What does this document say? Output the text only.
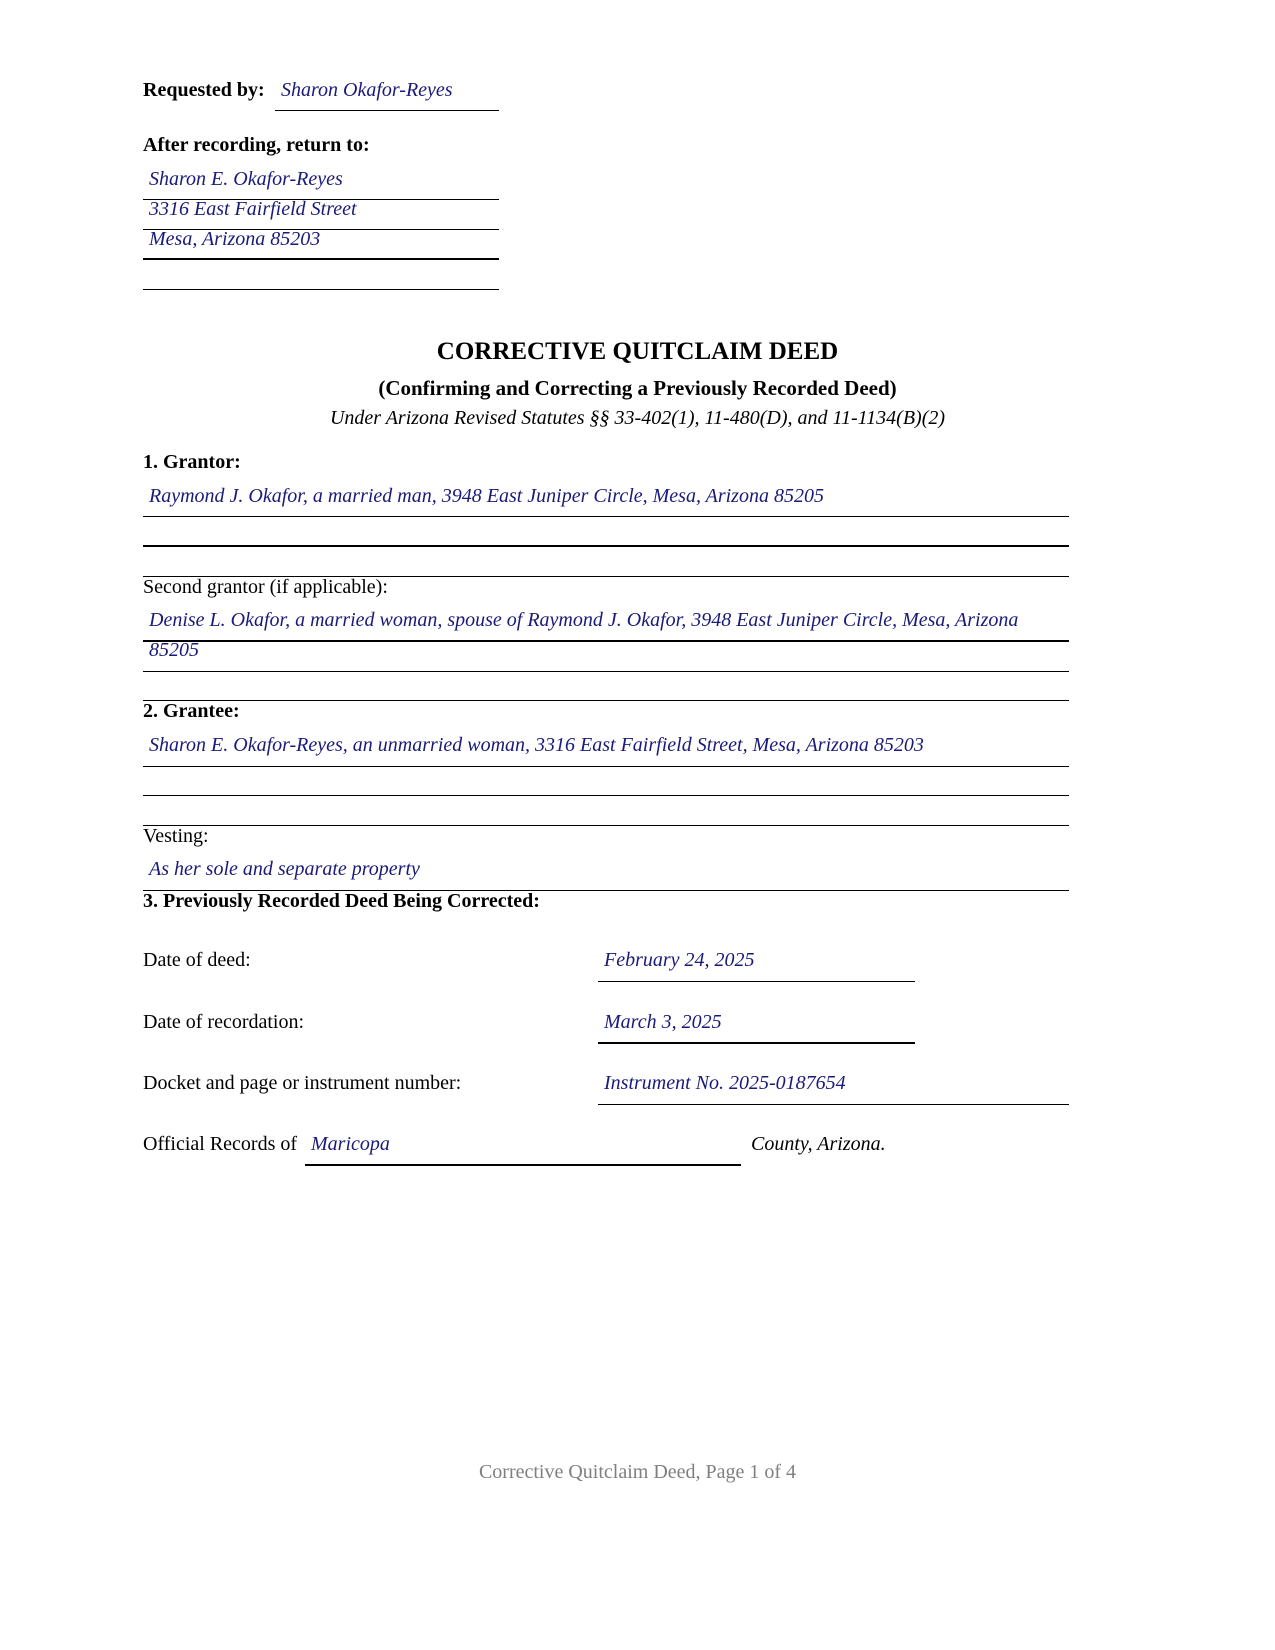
Requested by: Sharon Okafor-Reyes
After recording, return to:
Sharon E. Okafor-Reyes
3316 East Fairfield Street
Mesa, Arizona 85203
CORRECTIVE QUITCLAIM DEED
(Confirming and Correcting a Previously Recorded Deed)
Under Arizona Revised Statutes §§ 33-402(1), 11-480(D), and 11-1134(B)(2)
1. Grantor:
Raymond J. Okafor, a married man, 3948 East Juniper Circle, Mesa, Arizona 85205
Second grantor (if applicable):
Denise L. Okafor, a married woman, spouse of Raymond J. Okafor, 3948 East Juniper Circle, Mesa, Arizona
85205
2. Grantee:
Sharon E. Okafor-Reyes, an unmarried woman, 3316 East Fairfield Street, Mesa, Arizona 85203
Vesting:
As her sole and separate property
3. Previously Recorded Deed Being Corrected:
Date of deed:	February 24, 2025
Date of recordation:	March 3, 2025
Docket and page or instrument number:	Instrument No. 2025-0187654
Official Records of Maricopa	County, Arizona.
Corrective Quitclaim Deed, Page 1 of 4
